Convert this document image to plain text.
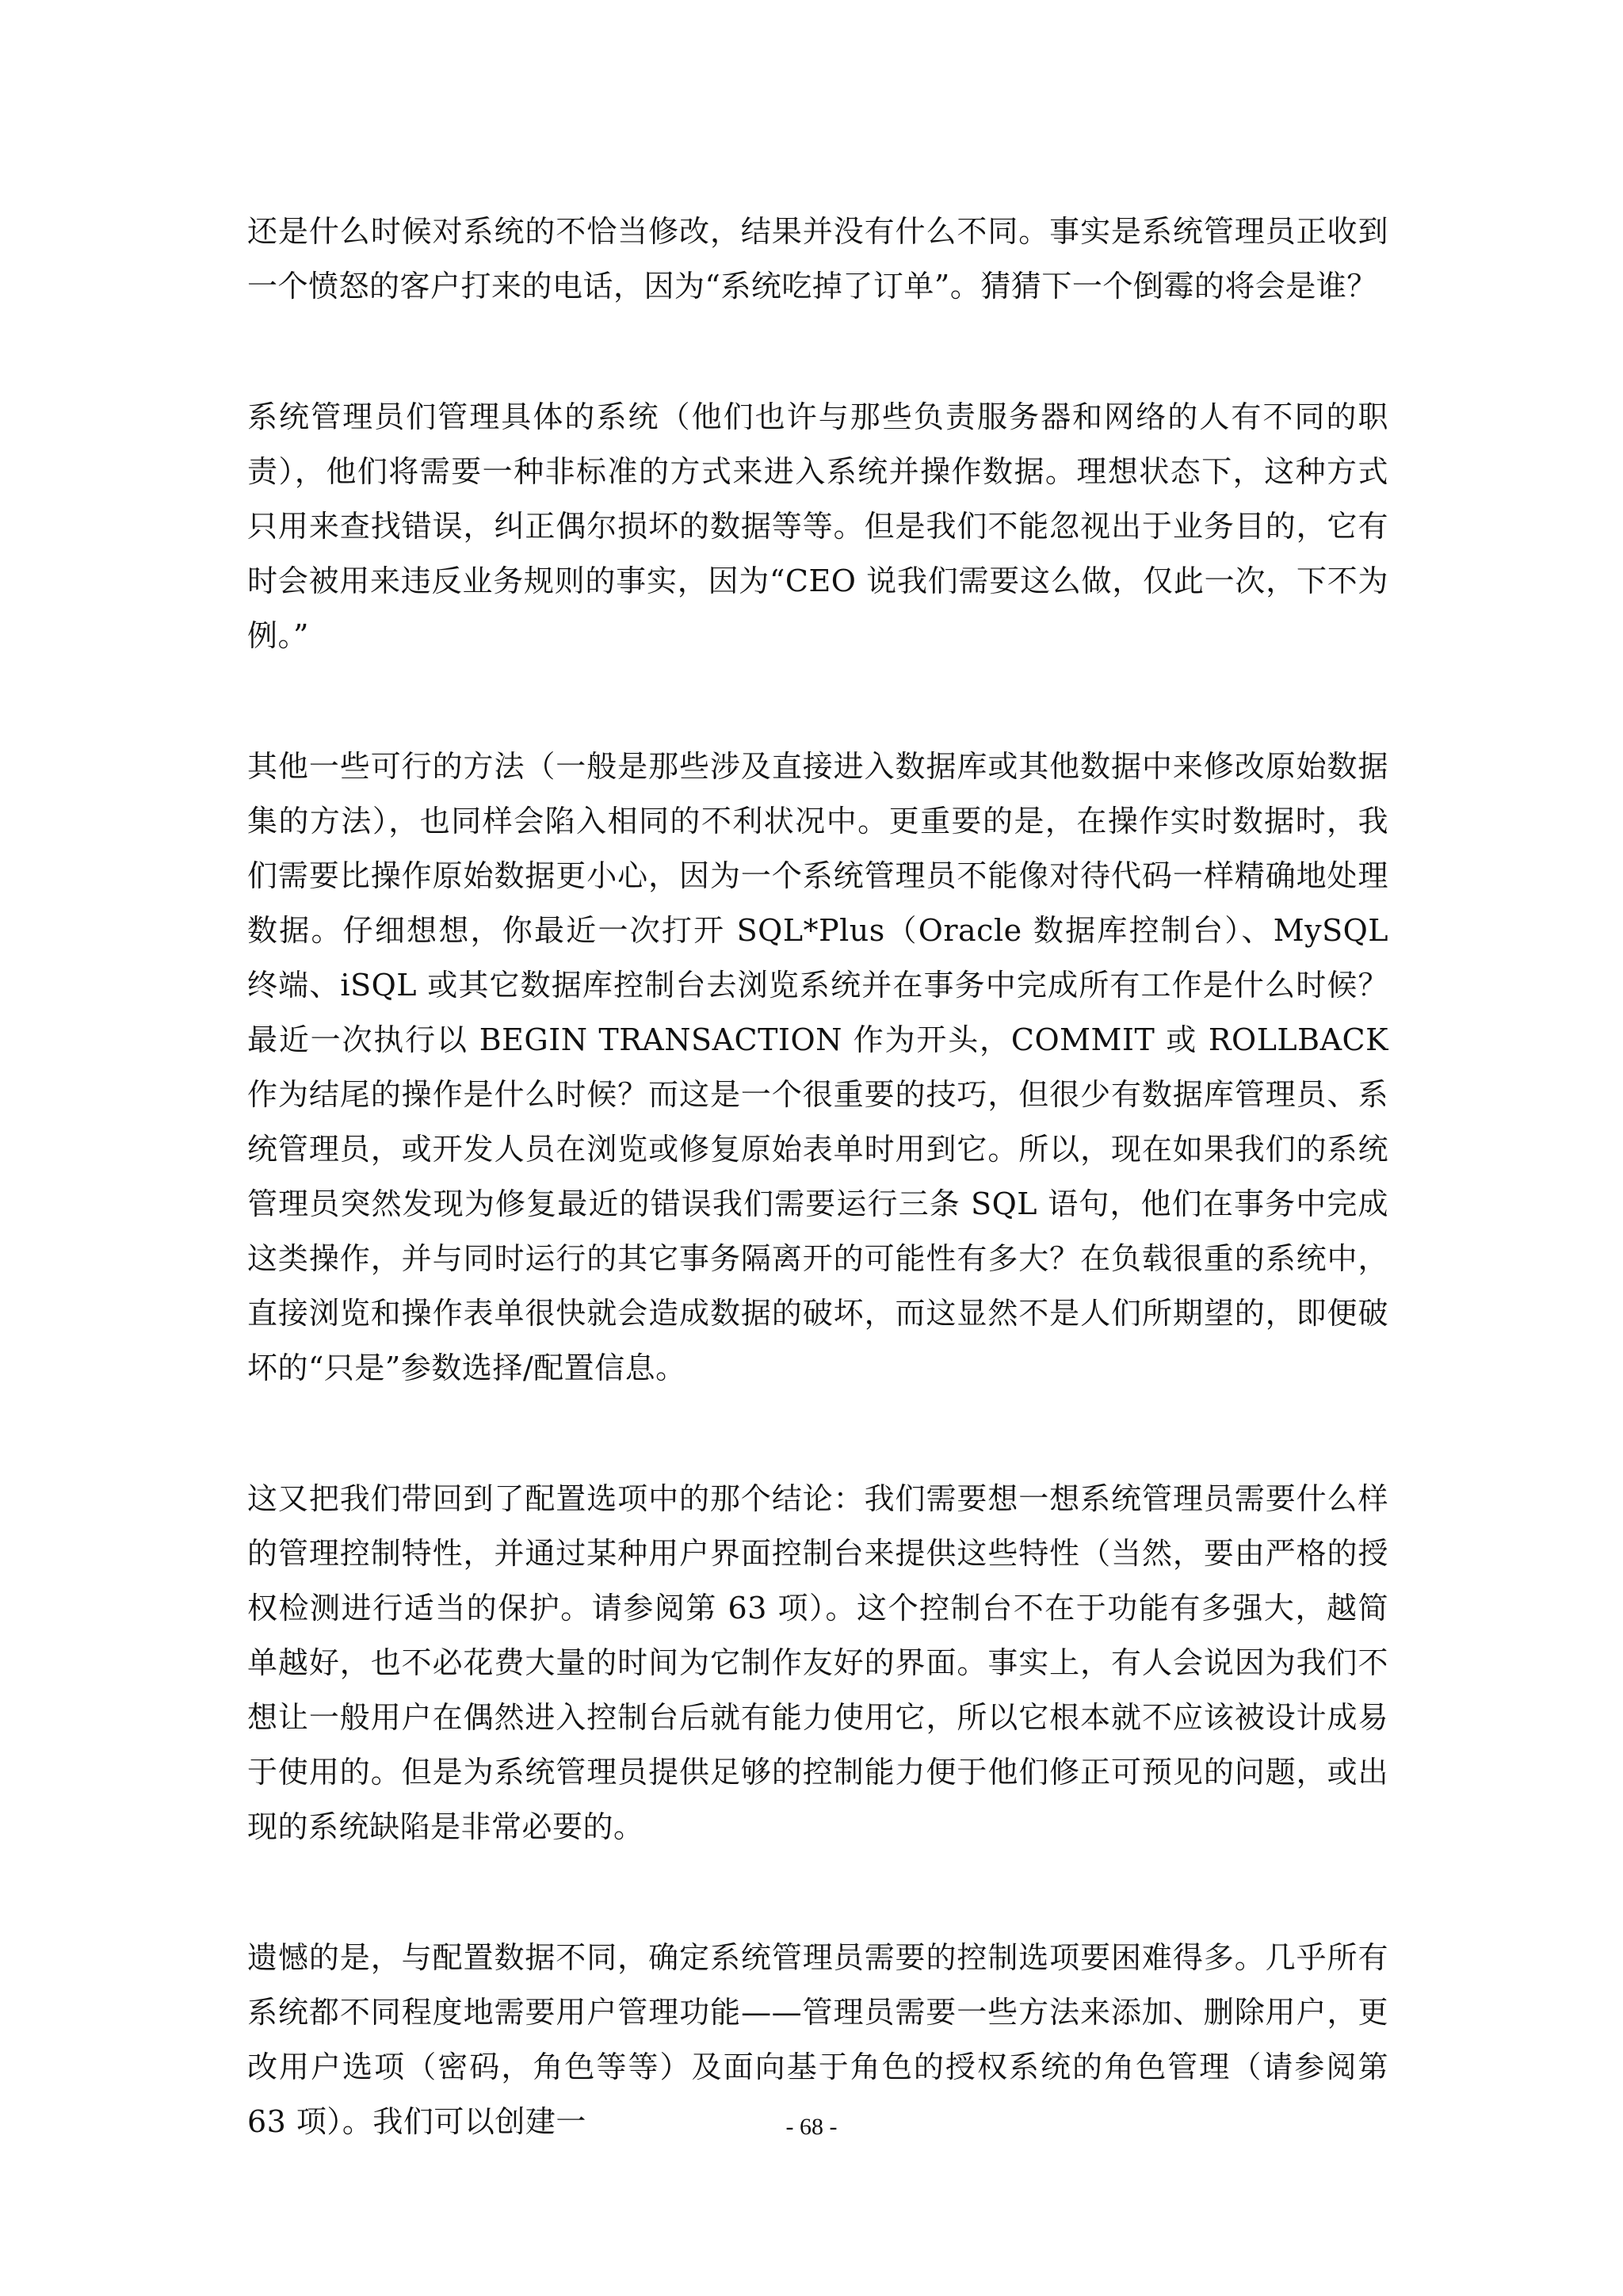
还是什么时候对系统的不恰当修改，结果并没有什么不同。事实是系统管理员正收到一个愤怒的客户打来的电话，因为“系统吃掉了订单”。猜猜下一个倒霉的将会是谁？

系统管理员们管理具体的系统（他们也许与那些负责服务器和网络的人有不同的职责），他们将需要一种非标准的方式来进入系统并操作数据。理想状态下，这种方式只用来查找错误，纠正偶尔损坏的数据等等。但是我们不能忽视出于业务目的，它有时会被用来违反业务规则的事实，因为“CEO 说我们需要这么做，仅此一次，下不为例。”

其他一些可行的方法（一般是那些涉及直接进入数据库或其他数据中来修改原始数据集的方法），也同样会陷入相同的不利状况中。更重要的是，在操作实时数据时，我们需要比操作原始数据更小心，因为一个系统管理员不能像对待代码一样精确地处理数据。仔细想想，你最近一次打开 SQL*Plus（Oracle 数据库控制台）、MySQL 终端、iSQL 或其它数据库控制台去浏览系统并在事务中完成所有工作是什么时候？最近一次执行以 BEGIN TRANSACTION 作为开头，COMMIT 或 ROLLBACK 作为结尾的操作是什么时候？而这是一个很重要的技巧，但很少有数据库管理员、系统管理员，或开发人员在浏览或修复原始表单时用到它。所以，现在如果我们的系统管理员突然发现为修复最近的错误我们需要运行三条 SQL 语句，他们在事务中完成这类操作，并与同时运行的其它事务隔离开的可能性有多大？在负载很重的系统中，直接浏览和操作表单很快就会造成数据的破坏，而这显然不是人们所期望的，即便破坏的“只是”参数选择/配置信息。

这又把我们带回到了配置选项中的那个结论：我们需要想一想系统管理员需要什么样的管理控制特性，并通过某种用户界面控制台来提供这些特性（当然，要由严格的授权检测进行适当的保护。请参阅第 63 项）。这个控制台不在于功能有多强大，越简单越好，也不必花费大量的时间为它制作友好的界面。事实上，有人会说因为我们不想让一般用户在偶然进入控制台后就有能力使用它，所以它根本就不应该被设计成易于使用的。但是为系统管理员提供足够的控制能力便于他们修正可预见的问题，或出现的系统缺陷是非常必要的。

遗憾的是，与配置数据不同，确定系统管理员需要的控制选项要困难得多。几乎所有系统都不同程度地需要用户管理功能——管理员需要一些方法来添加、删除用户，更改用户选项（密码，角色等等）及面向基于角色的授权系统的角色管理（请参阅第 63 项）。我们可以创建一	- 68 -
